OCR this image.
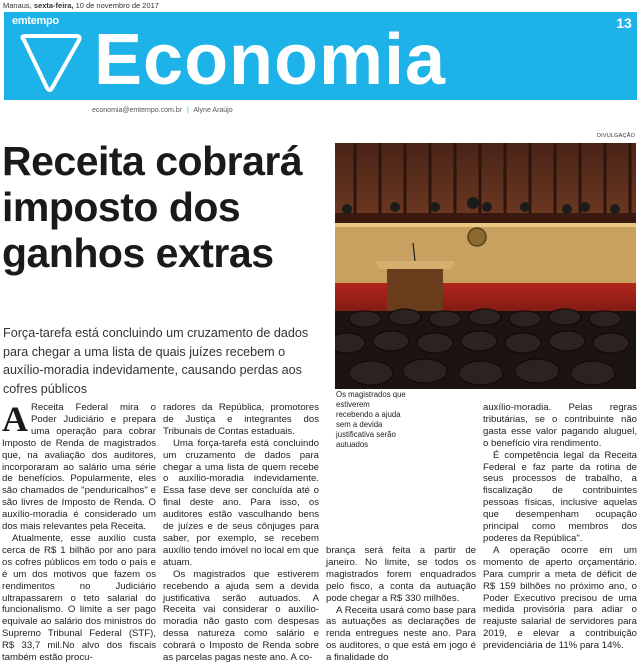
Manaus, sexta-feira, 10 de novembro de 2017
emtempo Economia	13
economia@emtempo.com.br | Alyne Araújo
DIVULGAÇÃO
Receita cobrará imposto dos ganhos extras
Força-tarefa está concluindo um cruzamento de dados para chegar a uma lista de quais juízes recebem o auxílio-moradia indevidamente, causando perdas aos cofres públicos	Os magistrados que estiverem recebendo a ajuda sem a devida justificativa serão autuados

A Receita Federal mira o Poder Judiciário e prepara uma operação para cobrar Imposto de Renda de magistrados que, na avaliação dos auditores, incorporaram ao salário uma série de benefícios. Popularmente, eles são chamados de "penduricalhos" e são livres de Imposto de Renda. O auxílio-moradia é considerado um dos mais relevantes pela Receita.

Atualmente, esse auxílio custa cerca de R$ 1 bilhão por ano para os cofres públicos em todo o país e é um dos motivos que fazem os rendimentos no Judiciário ultrapassarem o teto salarial do funcionalismo. O limite a ser pago equivale ao salário dos ministros do Supremo Tribunal Federal (STF), R$ 33,7 mil.No alvo dos fiscais também estão procu-

radores da República, promotores de Justiça e integrantes dos Tribunais de Contas estaduais.

Uma força-tarefa está concluindo um cruzamento de dados para chegar a uma lista de quem recebe o auxílio-moradia indevidamente. Essa fase deve ser concluída até o final deste ano. Para isso, os auditores estão vasculhando bens de juízes e de seus cônjuges para saber, por exemplo, se recebem auxílio tendo imóvel no local em que atuam.

Os magistrados que estiverem recebendo a ajuda sem a devida justificativa serão autuados. A Receita vai considerar o auxílio-moradia não gasto com despesas dessa natureza como salário e cobrará o Imposto de Renda sobre as parcelas pagas neste ano. A co-

brança será feita a partir de janeiro. No limite, se todos os magistrados forem enquadrados pelo fisco, a conta da autuação pode chegar a R$ 330 milhões.

A Receita usará como base para as autuações as declarações de renda entregues neste ano. Para os auditores, o que está em jogo é a finalidade do

auxílio-moradia. Pelas regras tributárias, se o contribuinte não gasta esse valor pagando aluguel, o benefício vira rendimento.

É competência legal da Receita Federal e faz parte da rotina de seus processos de trabalho, a fiscalização de contribuintes pessoas físicas, inclusive aquelas que desempenham ocupação principal como membros dos poderes da República".

A operação ocorre em um momento de aperto orçamentário. Para cumprir a meta de déficit de R$ 159 bilhões no próximo ano, o Poder Executivo precisou de uma medida provisória para adiar o reajuste salarial de servidores para 2019, e elevar a contribuição previdenciária de 11% para 14%.
